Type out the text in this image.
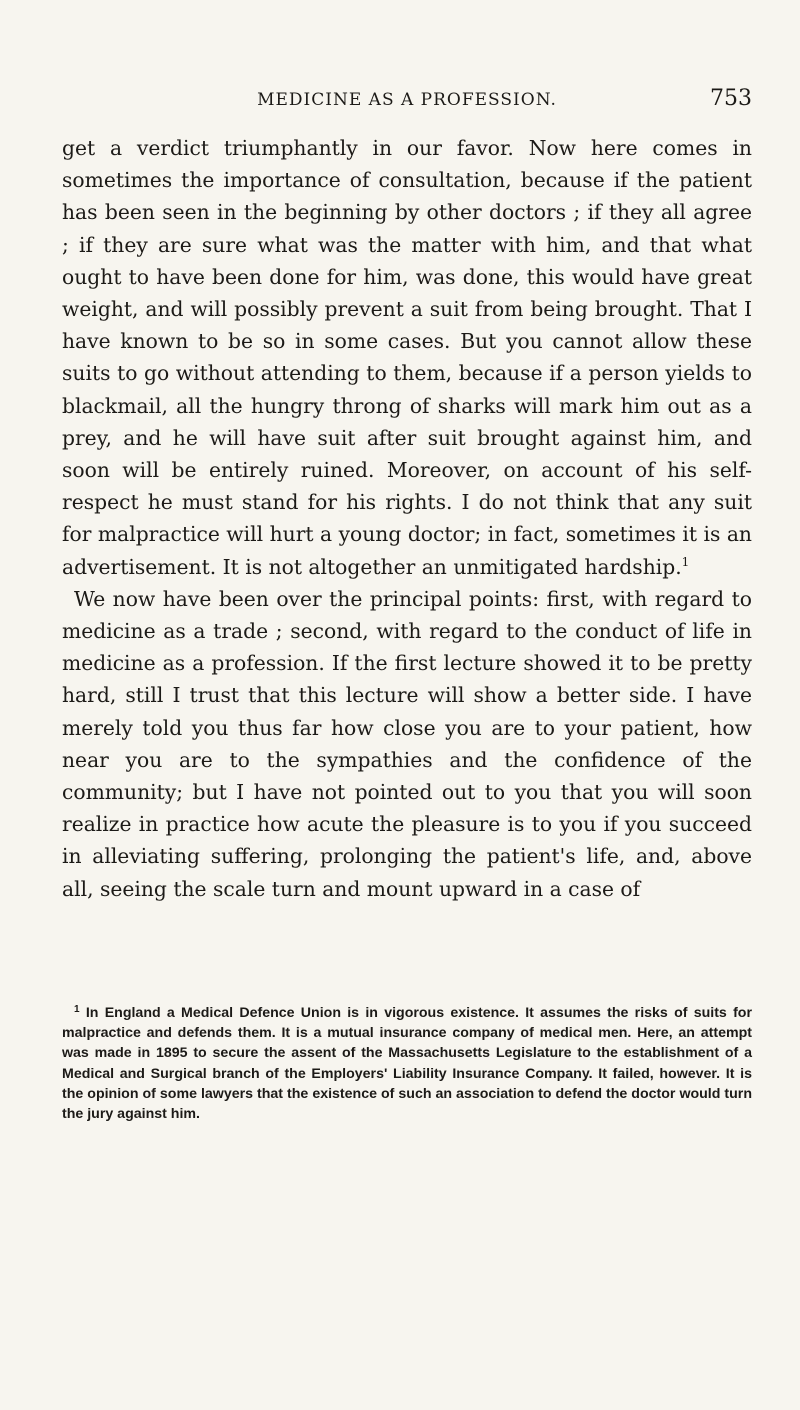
MEDICINE AS A PROFESSION.	753

get a verdict triumphantly in our favor. Now here comes in sometimes the importance of consultation, because if the patient has been seen in the beginning by other doctors ; if they all agree ; if they are sure what was the matter with him, and that what ought to have been done for him, was done, this would have great weight, and will possibly prevent a suit from being brought. That I have known to be so in some cases. But you cannot allow these suits to go without attending to them, because if a person yields to blackmail, all the hungry throng of sharks will mark him out as a prey, and he will have suit after suit brought against him, and soon will be entirely ruined. Moreover, on account of his self-respect he must stand for his rights. I do not think that any suit for malpractice will hurt a young doctor; in fact, sometimes it is an advertisement. It is not altogether an unmitigated hardship.$^1$

We now have been over the principal points: first, with regard to medicine as a trade ; second, with regard to the conduct of life in medicine as a profession. If the first lecture showed it to be pretty hard, still I trust that this lecture will show a better side. I have merely told you thus far how close you are to your patient, how near you are to the sympathies and the confidence of the community; but I have not pointed out to you that you will soon realize in practice how acute the pleasure is to you if you succeed in alleviating suffering, prolonging the patient's life, and, above all, seeing the scale turn and mount upward in a case of

$^1$ In England a Medical Defence Union is in vigorous existence. It assumes the risks of suits for malpractice and defends them. It is a mutual insurance company of medical men. Here, an attempt was made in 1895 to secure the assent of the Massachusetts Legislature to the establishment of a Medical and Surgical branch of the Employers' Liability Insurance Company. It failed, however. It is the opinion of some lawyers that the existence of such an association to defend the doctor would turn the jury against him.
